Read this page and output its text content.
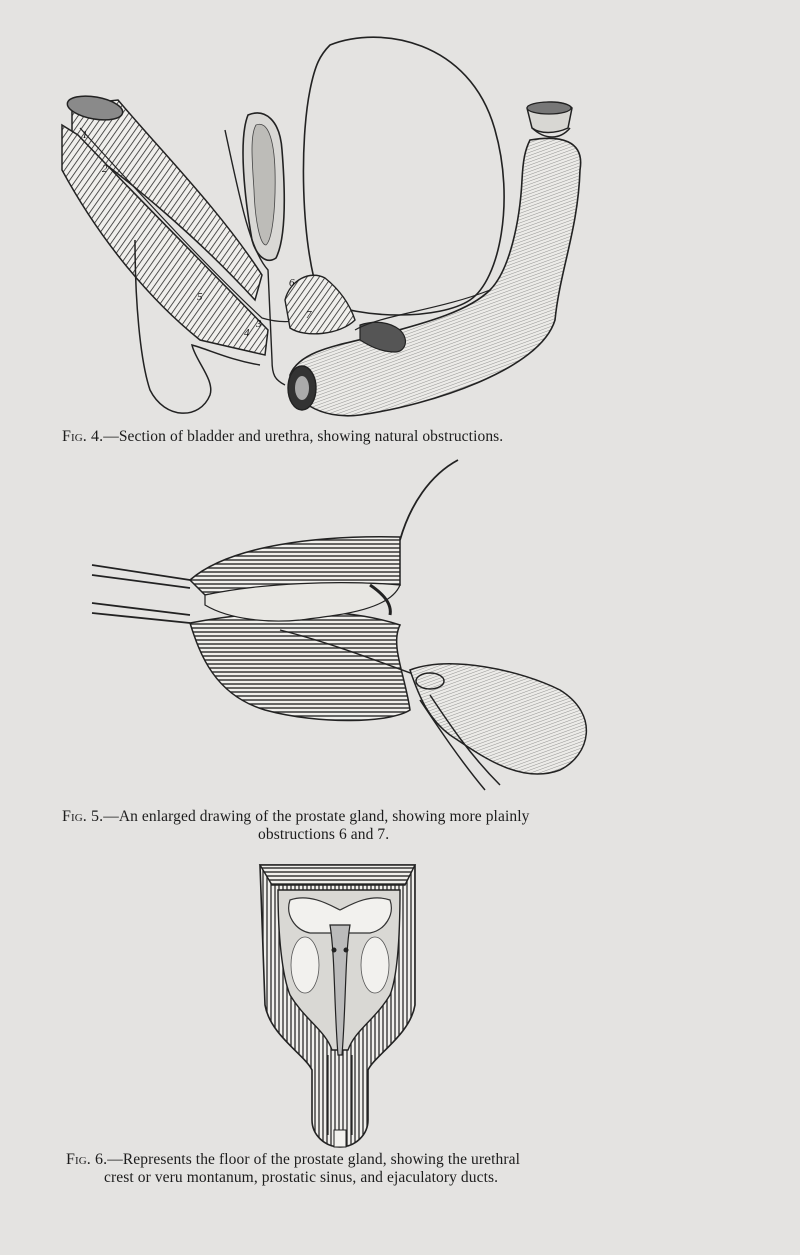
1
2
5
4
3
6
7
Fig. 4.—Section of bladder and urethra, showing natural obstructions.
Fig. 5.—An enlarged drawing of the prostate gland, showing more plainly
obstructions 6 and 7.
Fig. 6.—Represents the floor of the prostate gland, showing the urethral
crest or veru montanum, prostatic sinus, and ejaculatory ducts.
